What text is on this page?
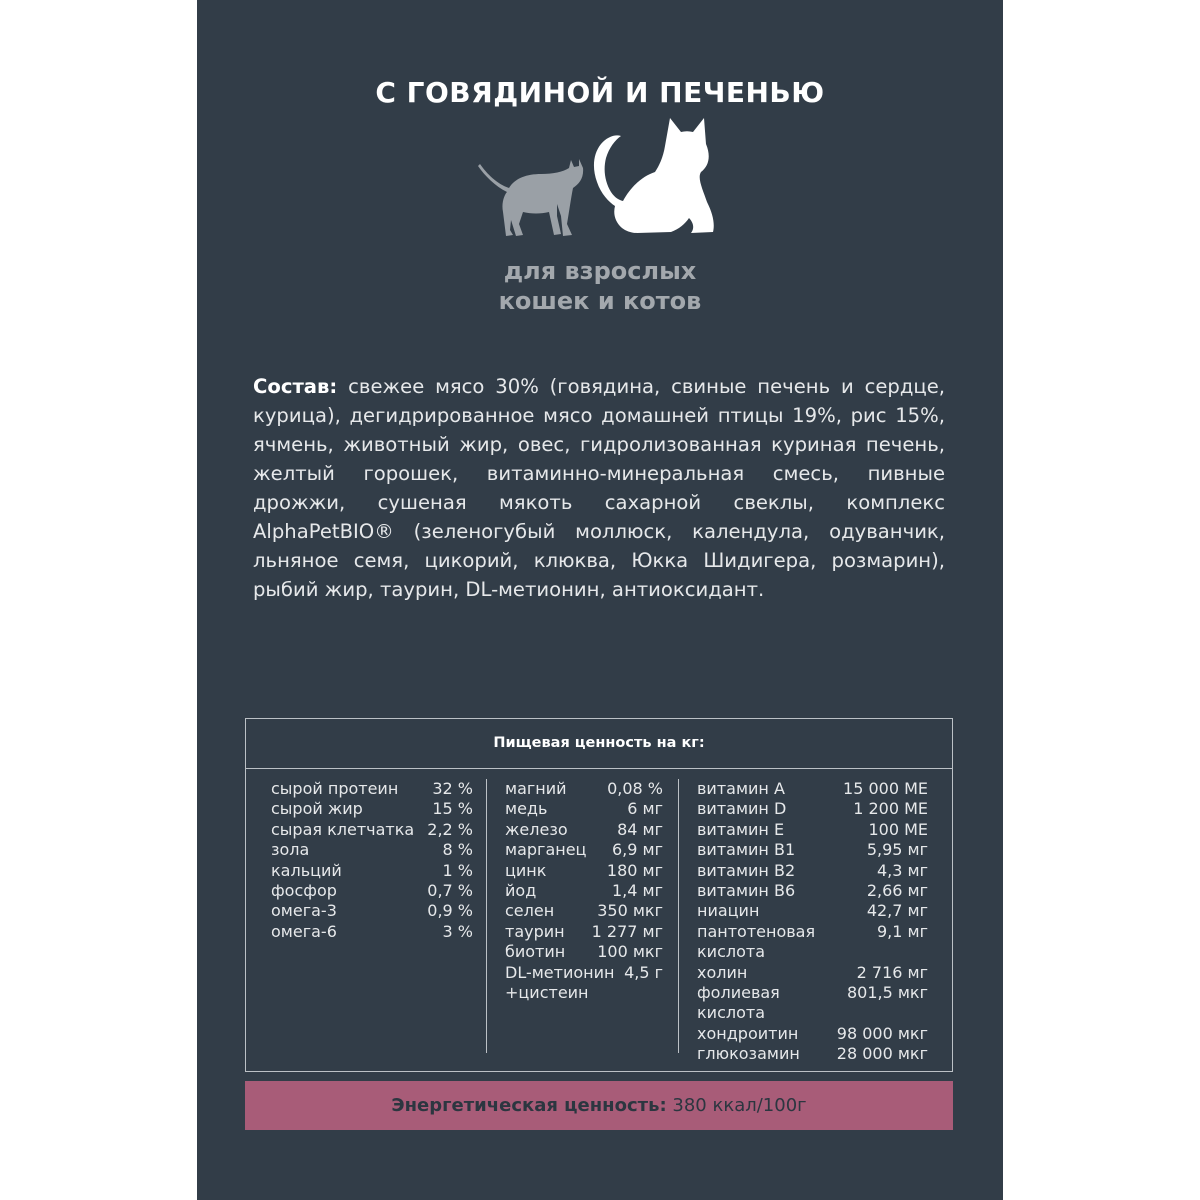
С ГОВЯДИНОЙ И ПЕЧЕНЬЮ
для взрослых
кошек и котов
Состав: свежее мясо 30% (говядина, свиные печень и сердце, курица), дегидрированное мясо домашней птицы 19%, рис 15%, ячмень, животный жир, овес, гидролизованная куриная печень, желтый горошек, витаминно-минеральная смесь, пивные дрожжи, сушеная мякоть сахарной свеклы, комплекс AlphaPetBIO® (зеленогубый моллюск, календула, одуванчик, льняное семя, цикорий, клюква, Юкка Шидигера, розмарин), рыбий жир, таурин, DL-метионин, антиоксидант.
Пищевая ценность на кг:
сырой протеин 32 %
сырой жир	15 %
сырая клетчатка 2,2 %
зола	8 %
кальций	1 %
фосфор	0,7 %
омега-3	0,9 %
омега-6	3 %
магний	0,08 %
медь	6 мг
железо	84 мг
марганец 6,9 мг
цинк	180 мг
йод	1,4 мг
селен	350 мкг
таурин 1 277 мг
биотин 100 мкг
DL-метионин 4,5 г
+цистеин
витамин А	15 000 МЕ
витамин D	1 200 МЕ
витамин Е	100 МЕ
витамин B1	5,95 мг
витамин B2	4,3 мг
витамин B6	2,66 мг
ниацин	42,7 мг
пантотеновая	9,1 мг
кислота
холин	2 716 мг
фолиевая	801,5 мкг
кислота
хондроитин 98 000 мкг
глюкозамин 28 000 мкг
Энергетическая ценность: 380 ккал/100г
